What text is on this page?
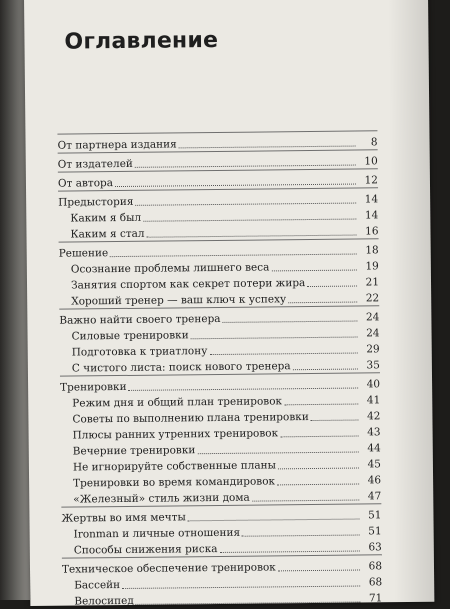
Оглавление
От партнера издания	8
От издателей	10
От автора	12
Предыстория	14
Каким я был	14
Каким я стал	16
Решение	18
Осознание проблемы лишнего веса	19
Занятия спортом как секрет потери жира	21
Хороший тренер — ваш ключ к успеху	22
Важно найти своего тренера	24
Силовые тренировки	24
Подготовка к триатлону	29
С чистого листа: поиск нового тренера	35
Тренировки	40
Режим дня и общий план тренировок	41
Советы по выполнению плана тренировки	42
Плюсы ранних утренних тренировок	43
Вечерние тренировки	44
Не игнорируйте собственные планы	45
Тренировки во время командировок	46
«Железный» стиль жизни дома	47
Жертвы во имя мечты	51
Ironman и личные отношения	51
Способы снижения риска	63
Техническое обеспечение тренировок	68
Бассейн	68
Велосипед	71
